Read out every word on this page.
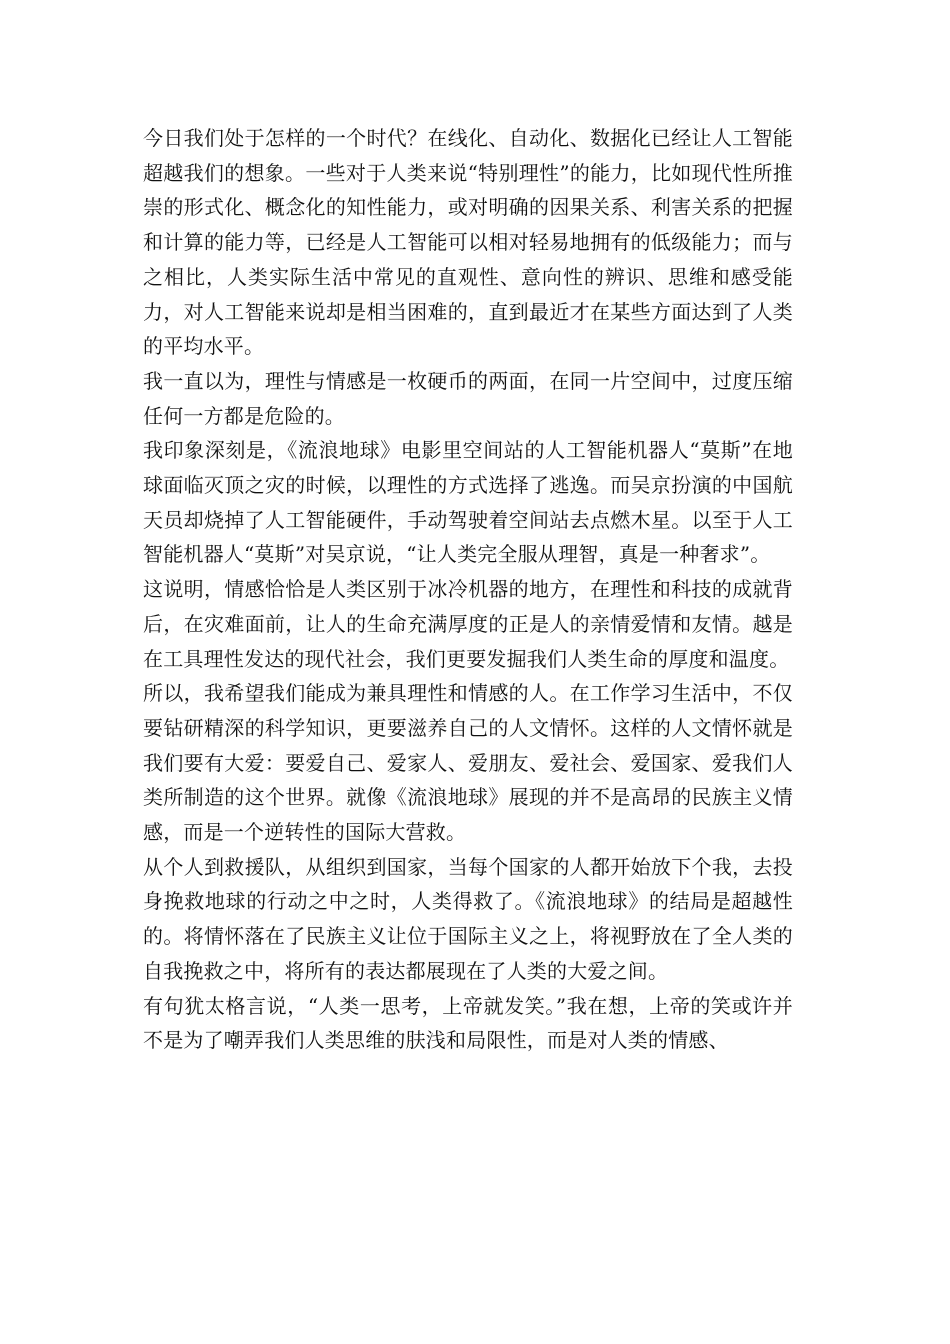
今日我们处于怎样的一个时代？在线化、自动化、数据化已经让人工智能超越我们的想象。一些对于人类来说“特别理性”的能力，比如现代性所推崇的形式化、概念化的知性能力，或对明确的因果关系、利害关系的把握和计算的能力等，已经是人工智能可以相对轻易地拥有的低级能力；而与之相比，人类实际生活中常见的直观性、意向性的辨识、思维和感受能力，对人工智能来说却是相当困难的，直到最近才在某些方面达到了人类的平均水平。

我一直以为，理性与情感是一枚硬币的两面，在同一片空间中，过度压缩任何一方都是危险的。

我印象深刻是，《流浪地球》电影里空间站的人工智能机器人“莫斯”在地球面临灭顶之灾的时候，以理性的方式选择了逃逸。而吴京扮演的中国航天员却烧掉了人工智能硬件，手动驾驶着空间站去点燃木星。以至于人工智能机器人“莫斯”对吴京说，“让人类完全服从理智，真是一种奢求”。

这说明，情感恰恰是人类区别于冰冷机器的地方，在理性和科技的成就背后，在灾难面前，让人的生命充满厚度的正是人的亲情爱情和友情。越是在工具理性发达的现代社会，我们更要发掘我们人类生命的厚度和温度。

所以，我希望我们能成为兼具理性和情感的人。在工作学习生活中，不仅要钻研精深的科学知识，更要滋养自己的人文情怀。这样的人文情怀就是我们要有大爱：要爱自己、爱家人、爱朋友、爱社会、爱国家、爱我们人类所制造的这个世界。就像《流浪地球》展现的并不是高昂的民族主义情感，而是一个逆转性的国际大营救。

从个人到救援队，从组织到国家，当每个国家的人都开始放下个我，去投身挽救地球的行动之中之时，人类得救了。《流浪地球》的结局是超越性的。将情怀落在了民族主义让位于国际主义之上，将视野放在了全人类的自我挽救之中，将所有的表达都展现在了人类的大爱之间。

有句犹太格言说，“人类一思考，上帝就发笑。”我在想，上帝的笑或许并不是为了嘲弄我们人类思维的肤浅和局限性，而是对人类的情感、
